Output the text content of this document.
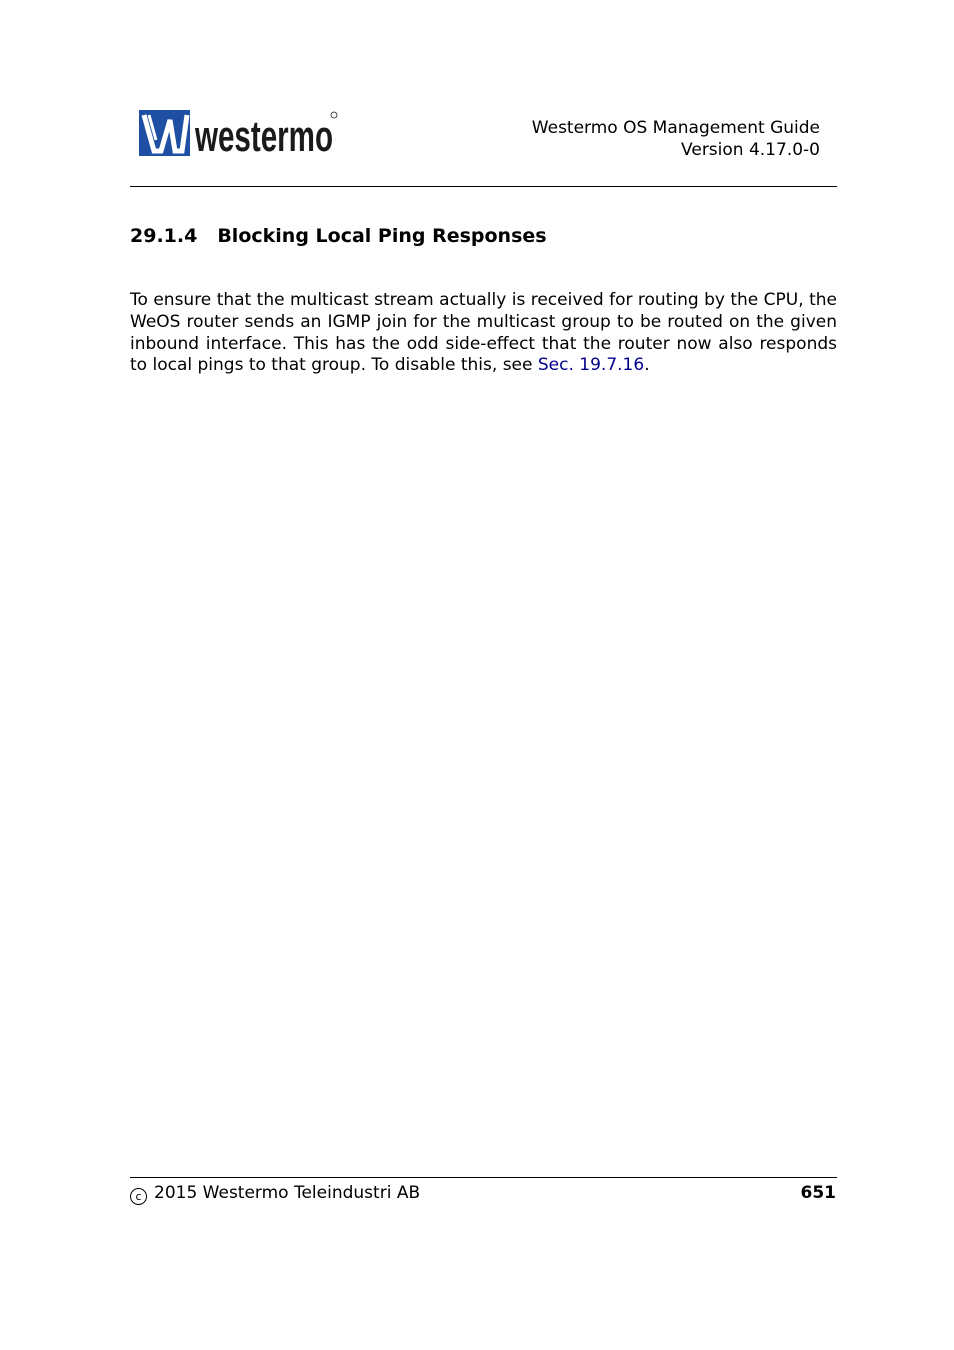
westermo	Westermo OS Management Guide
Version 4.17.0-0
29.1.4 Blocking Local Ping Responses

To ensure that the multicast stream actually is received for routing by the CPU, the WeOS router sends an IGMP join for the multicast group to be routed on the given inbound interface. This has the odd side-effect that the router now also responds to local pings to that group. To disable this, see Sec. 19.7.16.

c 2015 Westermo Teleindustri AB	651
